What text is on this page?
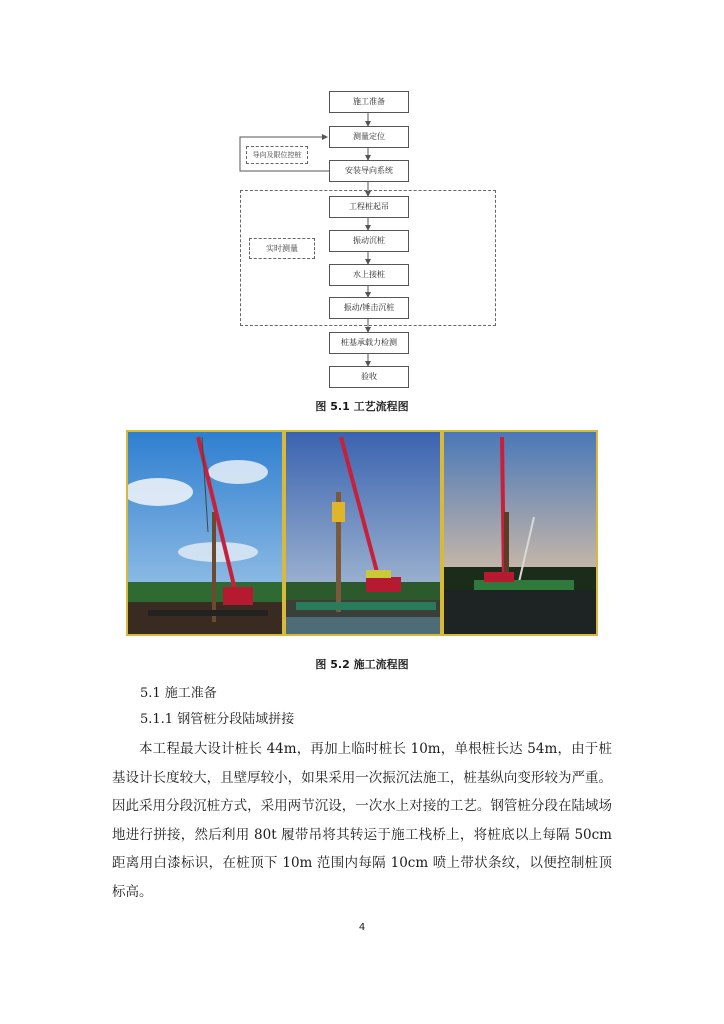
施工准备
测量定位
安装导向系统
导向及限位控桩
实时测量
工程桩起吊
振动沉桩
水上接桩
振动/锤击沉桩
桩基承载力检测
验收
图 5.1 工艺流程图
图 5.2 施工流程图
5.1 施工准备
5.1.1 钢管桩分段陆域拼接
本工程最大设计桩长 44m，再加上临时桩长 10m，单根桩长达 54m，由于桩基设计长度较大，且壁厚较小，如果采用一次振沉法施工，桩基纵向变形较为严重。因此采用分段沉桩方式，采用两节沉设，一次水上对接的工艺。钢管桩分段在陆域场地进行拼接，然后利用 80t 履带吊将其转运于施工栈桥上，将桩底以上每隔 50cm 距离用白漆标识，在桩顶下 10m 范围内每隔 10cm 喷上带状条纹，以便控制桩顶标高。
4
